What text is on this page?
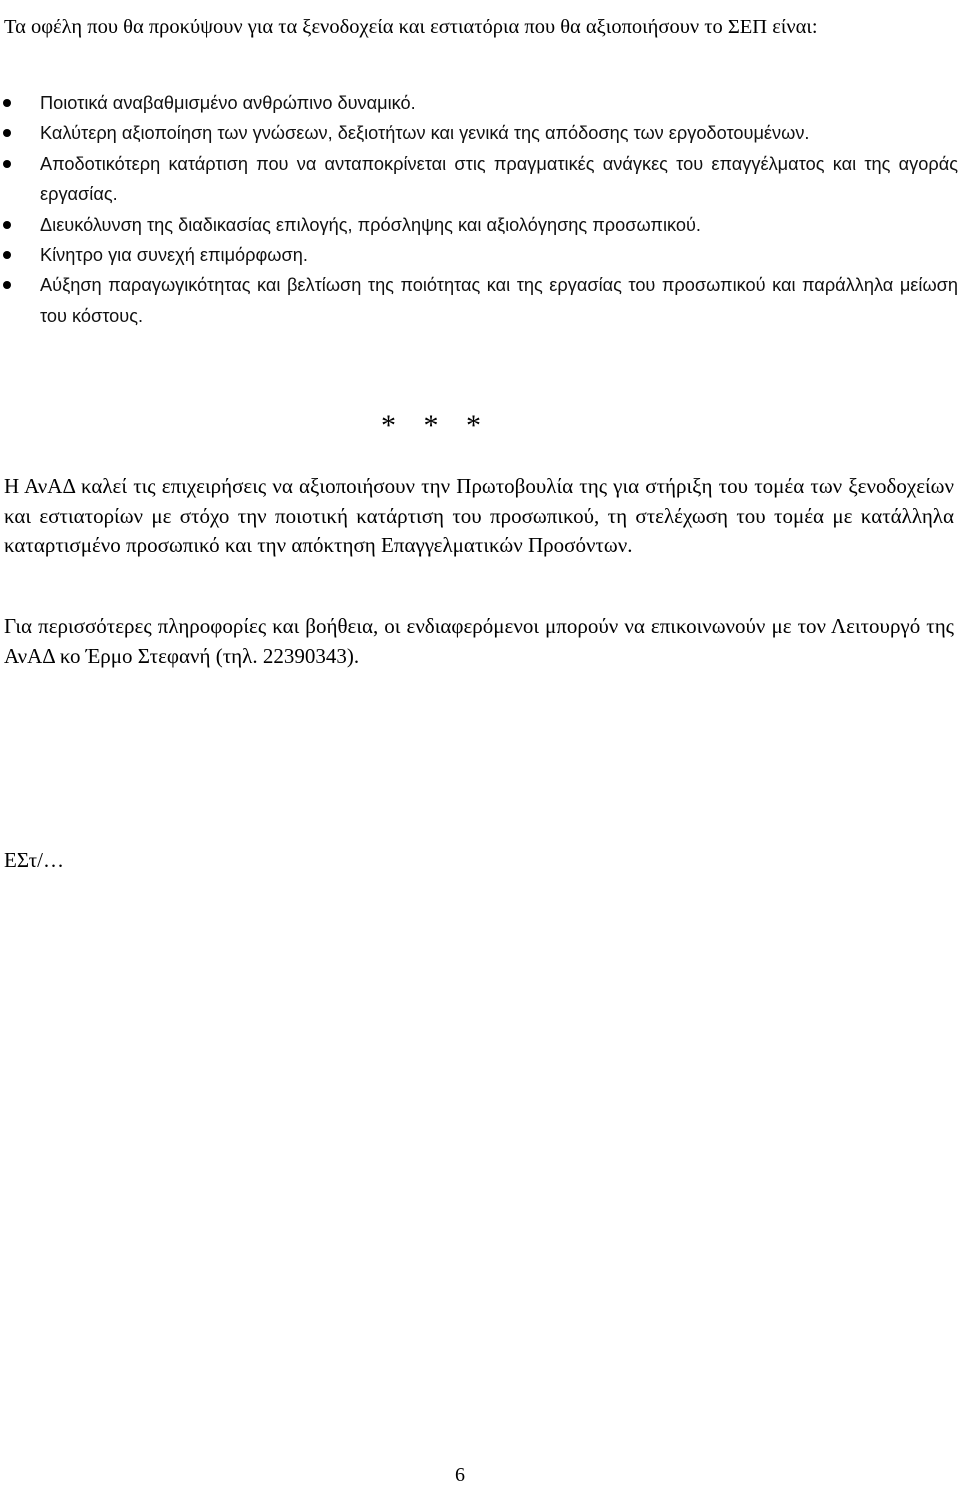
Τα οφέλη που θα προκύψουν για τα ξενοδοχεία και εστιατόρια που θα αξιοποιήσουν το ΣΕΠ είναι:

Ποιοτικά αναβαθμισμένο ανθρώπινο δυναμικό.
Καλύτερη αξιοποίηση των γνώσεων, δεξιοτήτων και γενικά της απόδοσης των εργοδοτουμένων.
Αποδοτικότερη κατάρτιση που να ανταποκρίνεται στις πραγματικές ανάγκες του επαγγέλματος και της αγοράς εργασίας.
Διευκόλυνση της διαδικασίας επιλογής, πρόσληψης και αξιολόγησης προσωπικού.
Κίνητρο για συνεχή επιμόρφωση.
Αύξηση παραγωγικότητας και βελτίωση της ποιότητας και της εργασίας του προσωπικού και παράλληλα μείωση του κόστους.

* * *

Η ΑνΑΔ καλεί τις επιχειρήσεις να αξιοποιήσουν την Πρωτοβουλία της για στήριξη του τομέα των ξενοδοχείων και εστιατορίων με στόχο την ποιοτική κατάρτιση του προσωπικού, τη στελέχωση του τομέα με κατάλληλα καταρτισμένο προσωπικό και την απόκτηση Επαγγελματικών Προσόντων.

Για περισσότερες πληροφορίες και βοήθεια, οι ενδιαφερόμενοι μπορούν να επικοινωνούν με τον Λειτουργό της ΑνΑΔ κο Έρμο Στεφανή (τηλ. 22390343).

ΕΣτ/…

6
